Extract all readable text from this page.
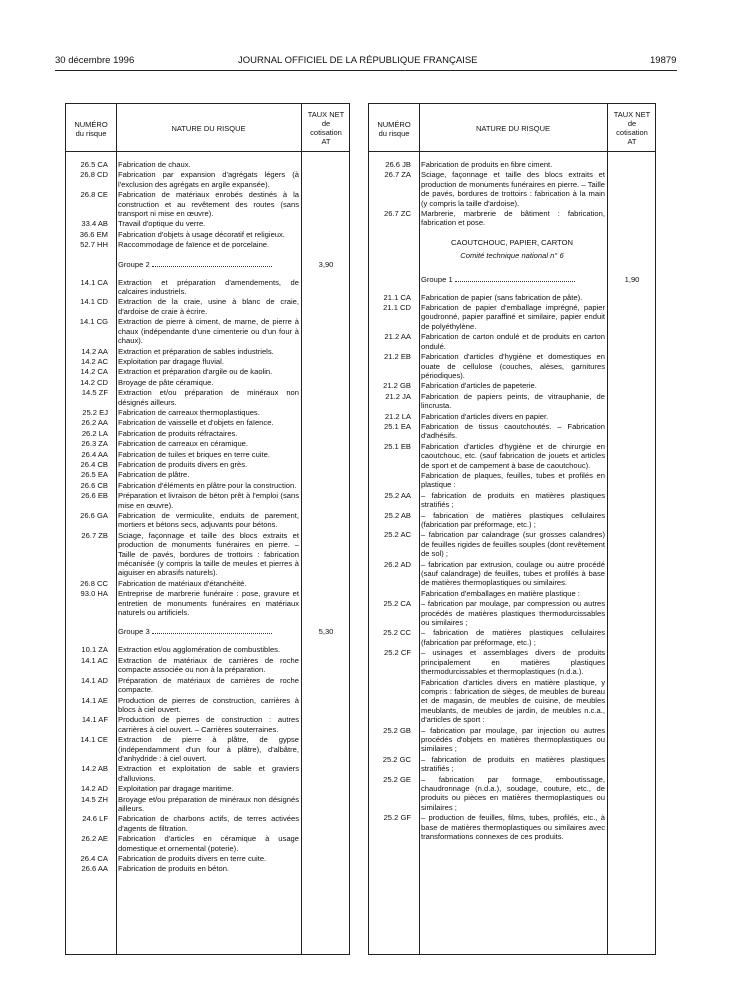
30 décembre 1996	JOURNAL OFFICIEL DE LA RÉPUBLIQUE FRANÇAISE	19879
NUMÉRO
du risque
NATURE DU RISQUE
TAUX NET
de
cotisation
AT
26.5 CA	Fabrication de chaux.
26.8 CD	Fabrication par expansion d'agrégats légers (à l'exclusion des agrégats en argile expansée).
26.8 CE	Fabrication de matériaux enrobés destinés à la construction et au revêtement des routes (sans transport ni mise en œuvre).
33.4 AB	Travail d'optique du verre.
36.6 EM	Fabrication d'objets à usage décoratif et religieux.
52.7 HH	Raccommodage de faïence et de porcelaine.
Groupe 2	3,90
14.1 CA	Extraction et préparation d'amendements, de calcaires industriels.
14.1 CD	Extraction de la craie, usine à blanc de craie, d'ardoise de craie à écrire.
14.1 CG	Extraction de pierre à ciment, de marne, de pierre à chaux (indépendante d'une cimenterie ou d'un four à chaux).
14.2 AA	Extraction et préparation de sables industriels.
14.2 AC	Exploitation par dragage fluvial.
14.2 CA	Extraction et préparation d'argile ou de kaolin.
14.2 CD	Broyage de pâte céramique.
14.5 ZF	Extraction et/ou préparation de minéraux non désignés ailleurs.
25.2 EJ	Fabrication de carreaux thermoplastiques.
26.2 AA	Fabrication de vaisselle et d'objets en faïence.
26.2 LA	Fabrication de produits réfractaires.
26.3 ZA	Fabrication de carreaux en céramique.
26.4 AA	Fabrication de tuiles et briques en terre cuite.
26.4 CB	Fabrication de produits divers en grès.
26.5 EA	Fabrication de plâtre.
26.6 CB	Fabrication d'éléments en plâtre pour la construction.
26.6 EB	Préparation et livraison de béton prêt à l'emploi (sans mise en œuvre).
26.6 GA	Fabrication de vermiculite, enduits de parement, mortiers et bétons secs, adjuvants pour bétons.
26.7 ZB	Sciage, façonnage et taille des blocs extraits et production de monuments funéraires en pierre. – Taille de pavés, bordures de trottoirs : fabrication mécanisée (y compris la taille de meules et pierres à aiguiser en abrasifs naturels).
26.8 CC	Fabrication de matériaux d'étanchéité.
93.0 HA	Entreprise de marbrerie funéraire : pose, gravure et entretien de monuments funéraires en matériaux naturels ou artificiels.
Groupe 3	5,30
10.1 ZA	Extraction et/ou agglomération de combustibles.
14.1 AC	Extraction de matériaux de carrières de roche compacte associée ou non à la préparation.
14.1 AD	Préparation de matériaux de carrières de roche compacte.
14.1 AE	Production de pierres de construction, carrières à blocs à ciel ouvert.
14.1 AF	Production de pierres de construction : autres carrières à ciel ouvert. – Carrières souterraines.
14.1 CE	Extraction de pierre à plâtre, de gypse (indépendamment d'un four à plâtre), d'albâtre, d'anhydride : à ciel ouvert.
14.2 AB	Extraction et exploitation de sable et graviers d'alluvions.
14.2 AD	Exploitation par dragage maritime.
14.5 ZH	Broyage et/ou préparation de minéraux non désignés ailleurs.
24.6 LF	Fabrication de charbons actifs, de terres activées d'agents de filtration.
26.2 AE	Fabrication d'articles en céramique à usage domestique et ornemental (poterie).
26.4 CA	Fabrication de produits divers en terre cuite.
26.6 AA	Fabrication de produits en béton.
NUMÉRO
du risque
NATURE DU RISQUE
TAUX NET
de
cotisation
AT
26.6 JB	Fabrication de produits en fibre ciment.
26.7 ZA	Sciage, façonnage et taille des blocs extraits et production de monuments funéraires en pierre. – Taille de pavés, bordures de trottoirs : fabrication à la main (y compris la taille d'ardoise).
26.7 ZC	Marbrerie, marbrerie de bâtiment : fabrication, fabrication et pose.
CAOUTCHOUC, PAPIER, CARTON
Comité technique national n° 6
Groupe 1	1,90
21.1 CA	Fabrication de papier (sans fabrication de pâte).
21.1 CD	Fabrication de papier d'emballage imprégné, papier goudronné, papier paraffiné et similaire, papier enduit de polyéthylène.
21.2 AA	Fabrication de carton ondulé et de produits en carton ondulé.
21.2 EB	Fabrication d'articles d'hygiène et domestiques en ouate de cellulose (couches, alèses, garnitures périodiques).
21.2 GB	Fabrication d'articles de papeterie.
21.2 JA	Fabrication de papiers peints, de vitrauphanie, de lincrusta.
21.2 LA	Fabrication d'articles divers en papier.
25.1 EA	Fabrication de tissus caoutchoutés. – Fabrication d'adhésifs.
25.1 EB	Fabrication d'articles d'hygiène et de chirurgie en caoutchouc, etc. (sauf fabrication de jouets et articles de sport et de campement à base de caoutchouc).
Fabrication de plaques, feuilles, tubes et profilés en plastique :
25.2 AA	– fabrication de produits en matières plastiques stratifiés ;
25.2 AB	– fabrication de matières plastiques cellulaires (fabrication par préformage, etc.) ;
25.2 AC	– fabrication par calandrage (sur grosses calandres) de feuilles rigides de feuilles souples (dont revêtement de sol) ;
26.2 AD	– fabrication par extrusion, coulage ou autre procédé (sauf calandrage) de feuilles, tubes et profilés à base de matières thermoplastiques ou similaires.
Fabrication d'emballages en matière plastique :
25.2 CA	– fabrication par moulage, par compression ou autres procédés de matières plastiques thermodurcissables ou similaires ;
25.2 CC	– fabrication de matières plastiques cellulaires (fabrication par préformage, etc.) ;
25.2 CF	– usinages et assemblages divers de produits principalement en matières plastiques thermodurcissables et thermoplastiques (n.d.a.).
Fabrication d'articles divers en matière plastique, y compris : fabrication de sièges, de meubles de bureau et de magasin, de meubles de cuisine, de meubles meublants, de meubles de jardin, de meubles n.c.a., d'articles de sport :
25.2 GB	– fabrication par moulage, par injection ou autres procédés d'objets en matières thermoplastiques ou similaires ;
25.2 GC	– fabrication de produits en matières plastiques stratifiés ;
25.2 GE	– fabrication par formage, emboutissage, chaudronnage (n.d.a.), soudage, couture, etc., de produits ou pièces en matières thermoplastiques ou similaires ;
25.2 GF	– production de feuilles, films, tubes, profilés, etc., à base de matières thermoplastiques ou similaires avec transformations connexes de ces produits.
